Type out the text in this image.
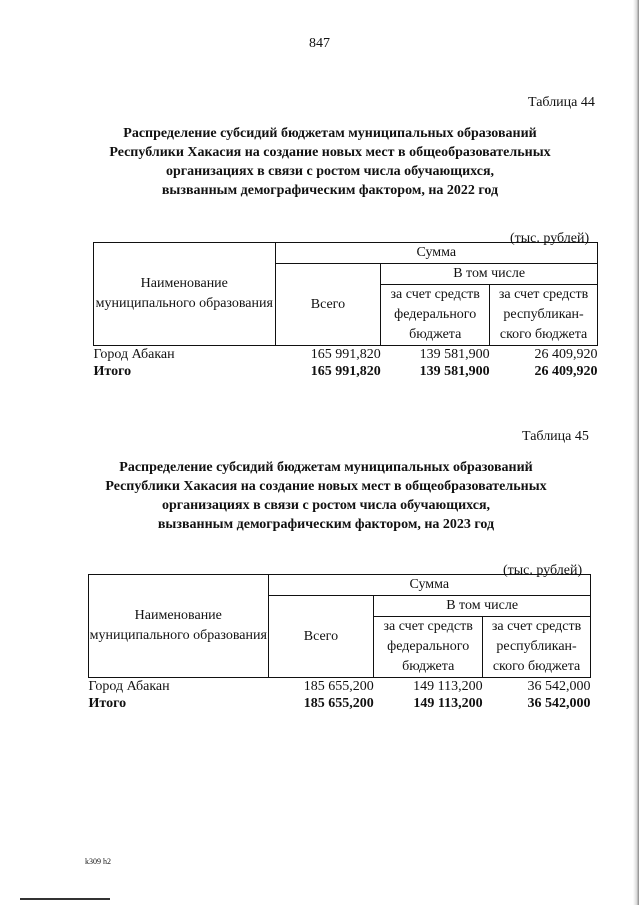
847
Таблица 44
Распределение субсидий бюджетам муниципальных образований
Республики Хакасия на создание новых мест в общеобразовательных
организациях в связи с ростом числа обучающихся,
вызванным демографическим фактором, на 2022 год
(тыс. рублей)
Наименование муниципального образования	Сумма		
	Всего	В том числе	
		за счет средств федерального бюджета	за счет средств республикан-ского бюджета
Город Абакан	165 991,820	139 581,900	26 409,920
Итого	165 991,820	139 581,900	26 409,920
Таблица 45
Распределение субсидий бюджетам муниципальных образований
Республики Хакасия на создание новых мест в общеобразовательных
организациях в связи с ростом числа обучающихся,
вызванным демографическим фактором, на 2023 год
(тыс. рублей)
Наименование муниципального образования	Сумма		
	Всего	В том числе	
		за счет средств федерального бюджета	за счет средств республикан-ского бюджета
Город Абакан	185 655,200	149 113,200	36 542,000
Итого	185 655,200	149 113,200	36 542,000
k309 h2
